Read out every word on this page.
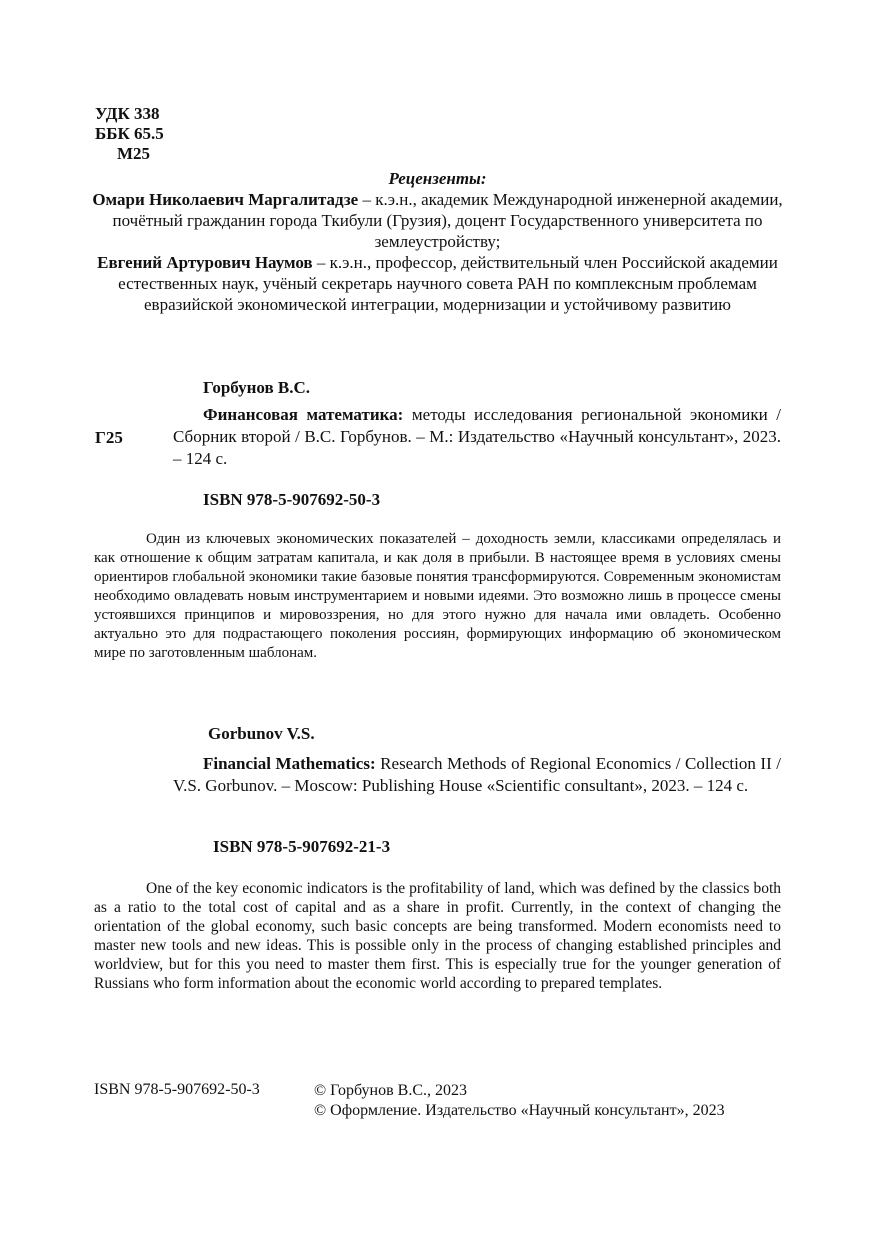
УДК 338
ББК 65.5
М25
Рецензенты:
Омари Николаевич Маргалитадзе – к.э.н., академик Международной инженерной академии, почётный гражданин города Ткибули (Грузия), доцент Государственного университета по землеустройству;
Евгений Артурович Наумов – к.э.н., профессор, действительный член Российской академии естественных наук, учёный секретарь научного совета РАН по комплексным проблемам евразийской экономической интеграции, модернизации и устойчивому развитию
Горбунов В.С.
Г25
Финансовая математика: методы исследования региональной экономики / Сборник второй / В.С. Горбунов. – М.: Издательство «Научный консультант», 2023. – 124 с.
ISBN 978-5-907692-50-3
Один из ключевых экономических показателей – доходность земли, классиками определялась и как отношение к общим затратам капитала, и как доля в прибыли. В настоящее время в условиях смены ориентиров глобальной экономики такие базовые понятия трансформируются. Современным экономистам необходимо овладевать новым инструментарием и новыми идеями. Это возможно лишь в процессе смены устоявшихся принципов и мировоззрения, но для этого нужно для начала ими овладеть. Особенно актуально это для подрастающего поколения россиян, формирующих информацию об экономическом мире по заготовленным шаблонам.
Gorbunov V.S.
Financial Mathematics: Research Methods of Regional Economics / Collection II / V.S. Gorbunov. – Moscow: Publishing House «Scientific consultant», 2023. – 124 с.
ISBN 978-5-907692-21-3
One of the key economic indicators is the profitability of land, which was defined by the classics both as a ratio to the total cost of capital and as a share in profit. Currently, in the context of changing the orientation of the global economy, such basic concepts are being transformed. Modern economists need to master new tools and new ideas. This is possible only in the process of changing established principles and worldview, but for this you need to master them first. This is especially true for the younger generation of Russians who form information about the economic world according to prepared templates.
ISBN 978-5-907692-50-3	© Горбунов В.С., 2023
© Оформление. Издательство «Научный консультант», 2023
